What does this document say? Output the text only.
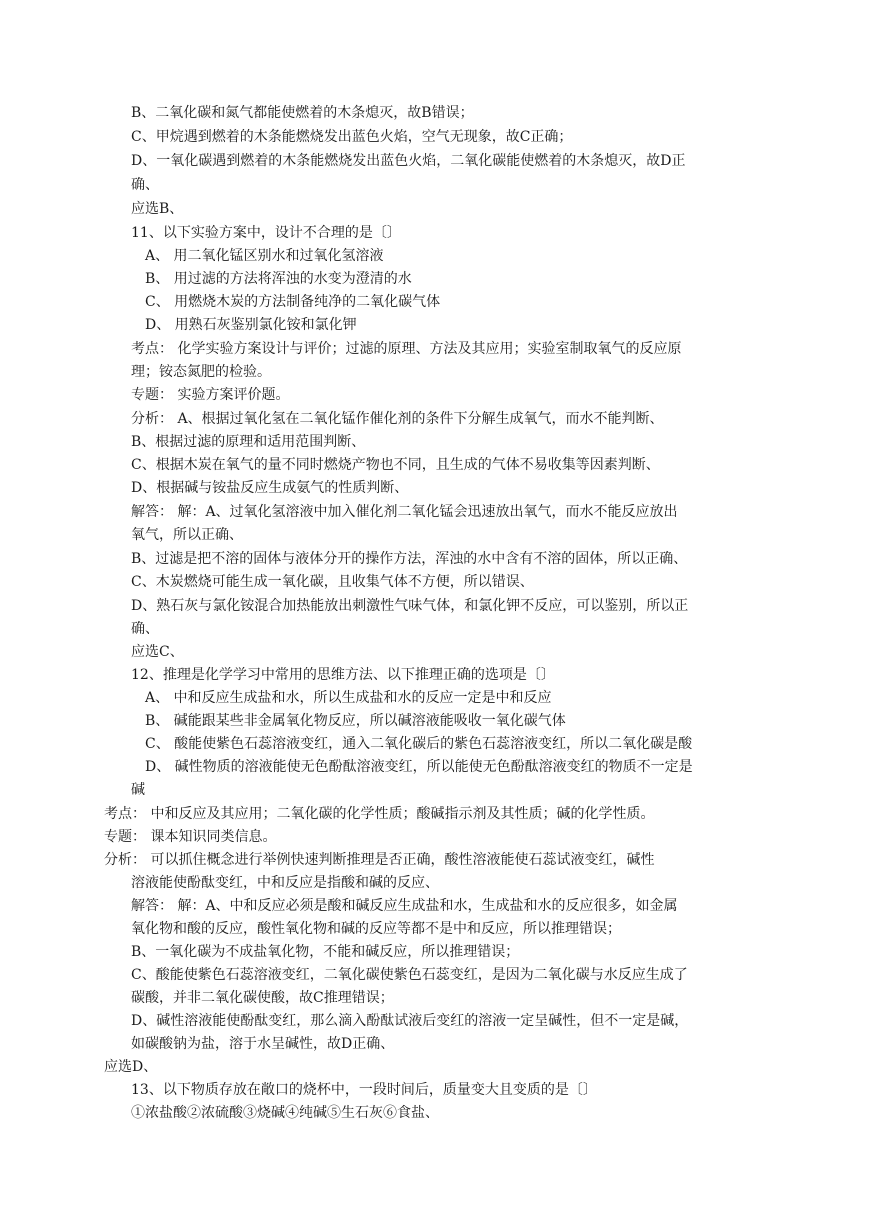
B、二氧化碳和氮气都能使燃着的木条熄灭，故B错误；
C、甲烷遇到燃着的木条能燃烧发出蓝色火焰，空气无现象，故C正确；
D、一氧化碳遇到燃着的木条能燃烧发出蓝色火焰，二氧化碳能使燃着的木条熄灭，故D正
确、
应选B、
11、以下实验方案中，设计不合理的是〔〕
A、 用二氧化锰区别水和过氧化氢溶液
B、 用过滤的方法将浑浊的水变为澄清的水
C、 用燃烧木炭的方法制备纯净的二氧化碳气体
D、 用熟石灰鉴别氯化铵和氯化钾
考点： 化学实验方案设计与评价；过滤的原理、方法及其应用；实验室制取氧气的反应原
理；铵态氮肥的检验。
专题： 实验方案评价题。
分析： A、根据过氧化氢在二氧化锰作催化剂的条件下分解生成氧气，而水不能判断、
B、根据过滤的原理和适用范围判断、
C、根据木炭在氧气的量不同时燃烧产物也不同，且生成的气体不易收集等因素判断、
D、根据碱与铵盐反应生成氨气的性质判断、
解答： 解：A、过氧化氢溶液中加入催化剂二氧化锰会迅速放出氧气，而水不能反应放出
氧气，所以正确、
B、过滤是把不溶的固体与液体分开的操作方法，浑浊的水中含有不溶的固体，所以正确、
C、木炭燃烧可能生成一氧化碳，且收集气体不方便，所以错误、
D、熟石灰与氯化铵混合加热能放出刺激性气味气体，和氯化钾不反应，可以鉴别，所以正
确、
应选C、
12、推理是化学学习中常用的思维方法、以下推理正确的选项是〔〕
A、 中和反应生成盐和水，所以生成盐和水的反应一定是中和反应
B、 碱能跟某些非金属氧化物反应，所以碱溶液能吸收一氧化碳气体
C、 酸能使紫色石蕊溶液变红，通入二氧化碳后的紫色石蕊溶液变红，所以二氧化碳是酸
D、 碱性物质的溶液能使无色酚酞溶液变红，所以能使无色酚酞溶液变红的物质不一定是
碱
考点： 中和反应及其应用；二氧化碳的化学性质；酸碱指示剂及其性质；碱的化学性质。
专题： 课本知识同类信息。
分析： 可以抓住概念进行举例快速判断推理是否正确，酸性溶液能使石蕊试液变红，碱性
溶液能使酚酞变红，中和反应是指酸和碱的反应、
解答： 解：A、中和反应必须是酸和碱反应生成盐和水，生成盐和水的反应很多，如金属
氧化物和酸的反应，酸性氧化物和碱的反应等都不是中和反应，所以推理错误；
B、一氧化碳为不成盐氧化物，不能和碱反应，所以推理错误；
C、酸能使紫色石蕊溶液变红，二氧化碳使紫色石蕊变红，是因为二氧化碳与水反应生成了
碳酸，并非二氧化碳使酸，故C推理错误；
D、碱性溶液能使酚酞变红，那么滴入酚酞试液后变红的溶液一定呈碱性，但不一定是碱，
如碳酸钠为盐，溶于水呈碱性，故D正确、
应选D、
13、以下物质存放在敞口的烧杯中，一段时间后，质量变大且变质的是〔〕
①浓盐酸②浓硫酸③烧碱④纯碱⑤生石灰⑥食盐、
